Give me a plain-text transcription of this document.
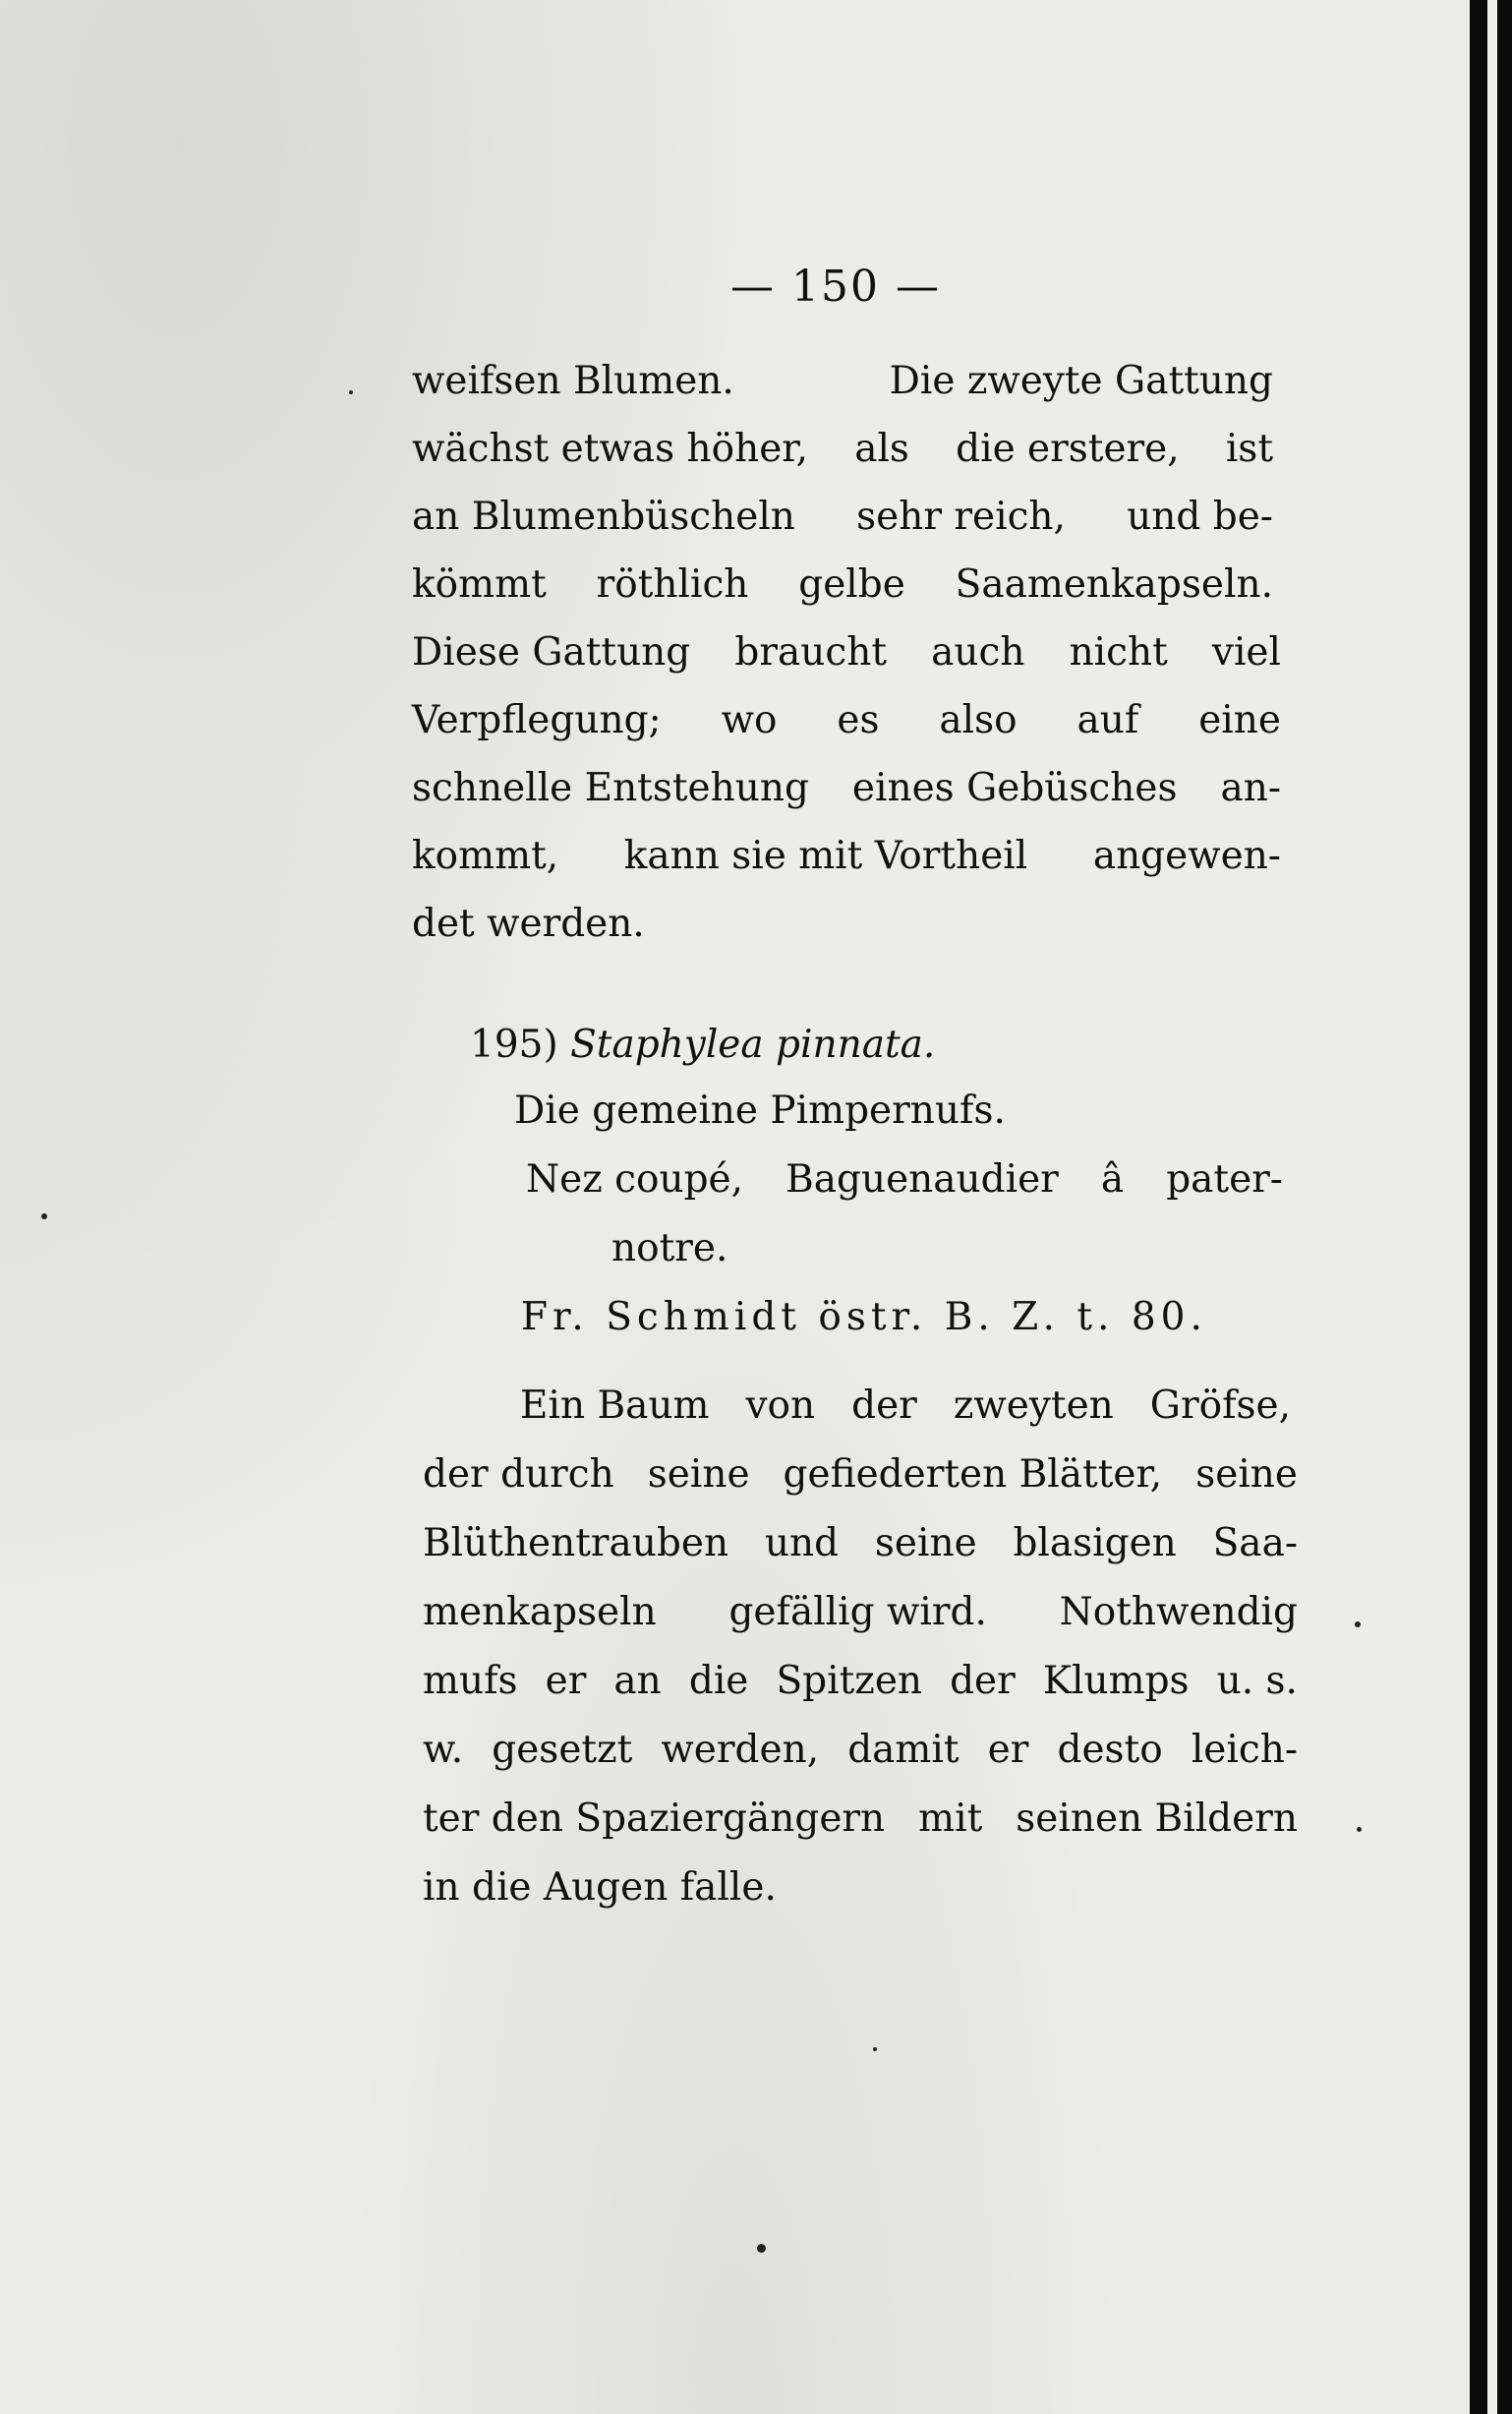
— 150 —
weifsen Blumen.	Die zweyte Gattung
wächst etwas höher, als die erstere, ist
an Blumenbüscheln sehr reich, und be-
kömmt röthlich gelbe Saamenkapseln.
Diese Gattung braucht auch nicht viel
Verpflegung; wo es also auf eine
schnelle Entstehung eines Gebüsches an-
kommt, kann sie mit Vortheil angewen-
det werden.
195) Staphylea pinnata.
Die gemeine Pimpernufs.
Nez coupé, Baguenaudier â pater-
notre.
Fr. Schmidt östr. B. Z. t. 80.
Ein Baum von der zweyten Gröfse,
der durch seine gefiederten Blätter, seine
Blüthentrauben und seine blasigen Saa-
menkapseln gefällig wird. Nothwendig
mufs er an die Spitzen der Klumps u. s.
w. gesetzt werden, damit er desto leich-
ter den Spaziergängern mit seinen Bildern
in die Augen falle.
